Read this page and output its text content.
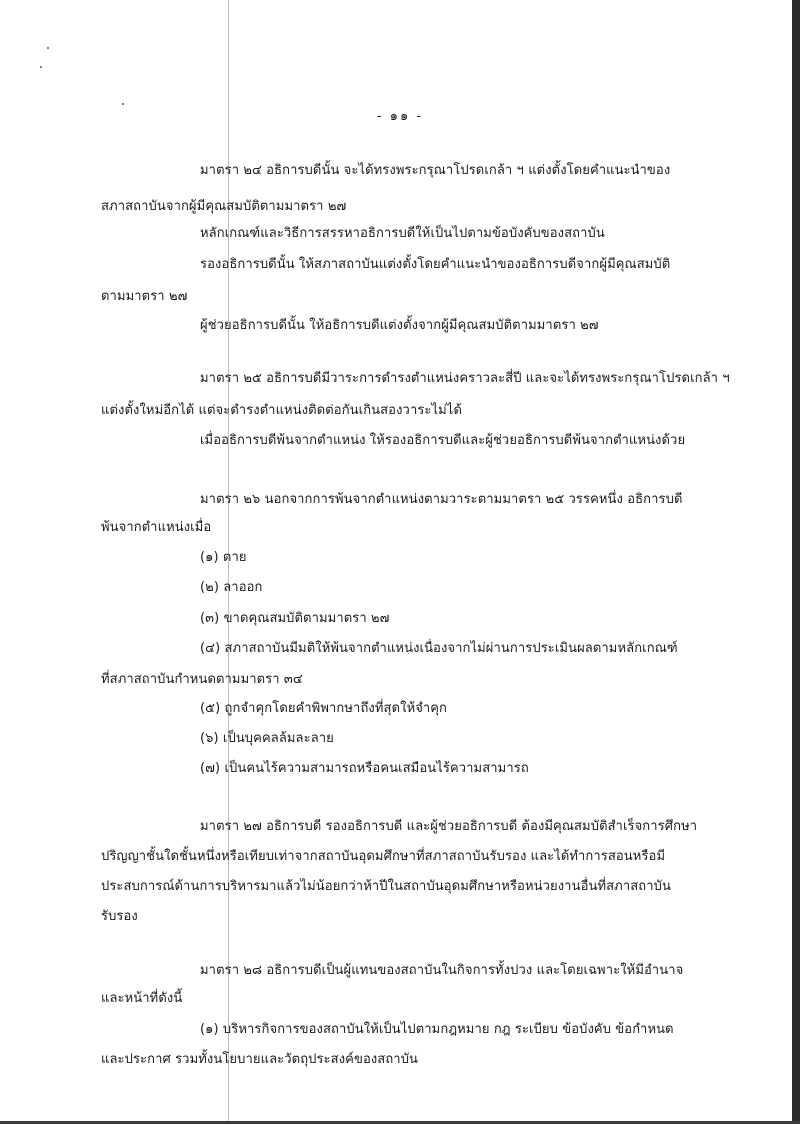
- ๑๑ -
มาตรา ๒๔ อธิการบดีนั้น จะได้ทรงพระกรุณาโปรดเกล้า ฯ แต่งตั้งโดยคำแนะนำของ
สภาสถาบันจากผู้มีคุณสมบัติตามมาตรา ๒๗
หลักเกณฑ์และวิธีการสรรหาอธิการบดีให้เป็นไปตามข้อบังคับของสถาบัน
รองอธิการบดีนั้น ให้สภาสถาบันแต่งตั้งโดยคำแนะนำของอธิการบดีจากผู้มีคุณสมบัติ
ตามมาตรา ๒๗
ผู้ช่วยอธิการบดีนั้น ให้อธิการบดีแต่งตั้งจากผู้มีคุณสมบัติตามมาตรา ๒๗
มาตรา ๒๕ อธิการบดีมีวาระการดำรงตำแหน่งคราวละสี่ปี และจะได้ทรงพระกรุณาโปรดเกล้า ฯ
แต่งตั้งใหม่อีกได้ แต่จะดำรงตำแหน่งติดต่อกันเกินสองวาระไม่ได้
เมื่ออธิการบดีพ้นจากตำแหน่ง ให้รองอธิการบดีและผู้ช่วยอธิการบดีพ้นจากตำแหน่งด้วย
มาตรา ๒๖ นอกจากการพ้นจากตำแหน่งตามวาระตามมาตรา ๒๕ วรรคหนึ่ง อธิการบดี
พ้นจากตำแหน่งเมื่อ
(๑) ตาย
(๒) ลาออก
(๓) ขาดคุณสมบัติตามมาตรา ๒๗
(๔) สภาสถาบันมีมติให้พ้นจากตำแหน่งเนื่องจากไม่ผ่านการประเมินผลตามหลักเกณฑ์
ที่สภาสถาบันกำหนดตามมาตรา ๓๔
(๕) ถูกจำคุกโดยคำพิพากษาถึงที่สุดให้จำคุก
(๖) เป็นบุคคลล้มละลาย
(๗) เป็นคนไร้ความสามารถหรือคนเสมือนไร้ความสามารถ
มาตรา ๒๗ อธิการบดี รองอธิการบดี และผู้ช่วยอธิการบดี ต้องมีคุณสมบัติสำเร็จการศึกษา
ปริญญาชั้นใดชั้นหนึ่งหรือเทียบเท่าจากสถาบันอุดมศึกษาที่สภาสถาบันรับรอง และได้ทำการสอนหรือมี
ประสบการณ์ด้านการบริหารมาแล้วไม่น้อยกว่าห้าปีในสถาบันอุดมศึกษาหรือหน่วยงานอื่นที่สภาสถาบัน
รับรอง
มาตรา ๒๘ อธิการบดีเป็นผู้แทนของสถาบันในกิจการทั้งปวง และโดยเฉพาะให้มีอำนาจ
และหน้าที่ดังนี้
(๑) บริหารกิจการของสถาบันให้เป็นไปตามกฎหมาย กฎ ระเบียบ ข้อบังคับ ข้อกำหนด
และประกาศ รวมทั้งนโยบายและวัตถุประสงค์ของสถาบัน
